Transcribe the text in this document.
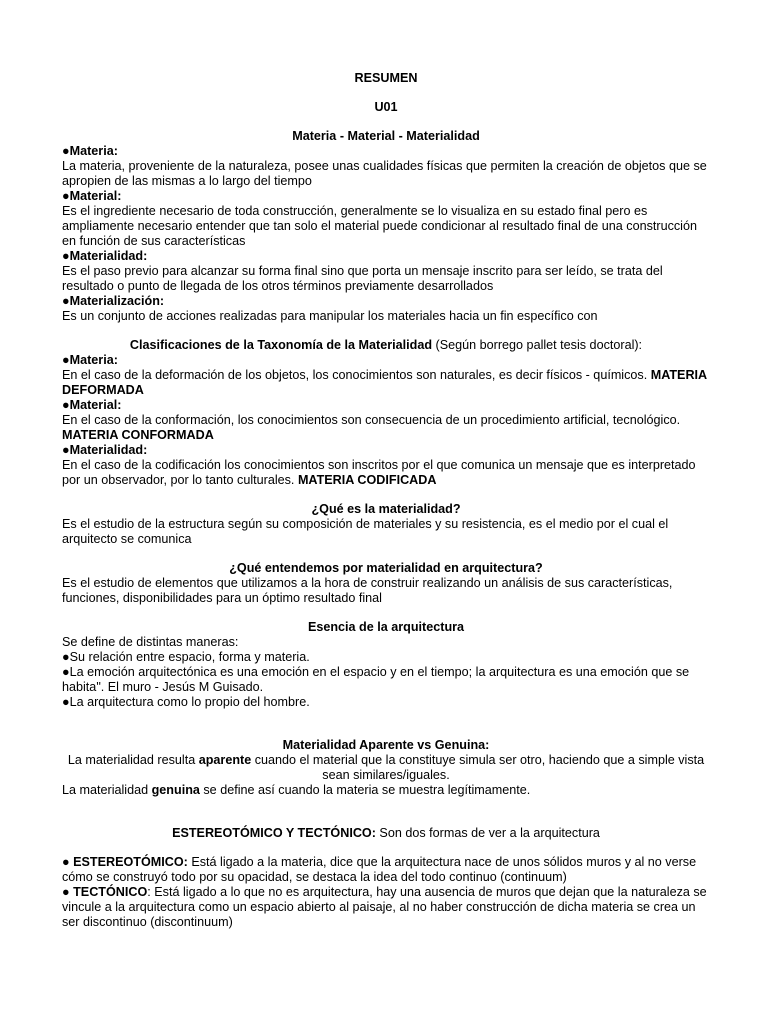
RESUMEN

U01

Materia - Material - Materialidad

●Materia:

La materia, proveniente de la naturaleza, posee unas cualidades físicas que permiten la creación de objetos que se apropien de las mismas a lo largo del tiempo

●Material:

Es el ingrediente necesario de toda construcción, generalmente se lo visualiza en su estado final pero es ampliamente necesario entender que tan solo el material puede condicionar al resultado final de una construcción en función de sus características

●Materialidad:

Es el paso previo para alcanzar su forma final sino que porta un mensaje inscrito para ser leído, se trata del resultado o punto de llegada de los otros términos previamente desarrollados

●Materialización:

Es un conjunto de acciones realizadas para manipular los materiales hacia un fin específico con

Clasificaciones de la Taxonomía de la Materialidad (Según borrego pallet tesis doctoral):

●Materia:

En el caso de la deformación de los objetos, los conocimientos son naturales, es decir físicos - químicos. MATERIA DEFORMADA

●Material:

En el caso de la conformación, los conocimientos son consecuencia de un procedimiento artificial, tecnológico. MATERIA CONFORMADA

●Materialidad:

En el caso de la codificación los conocimientos son inscritos por el que comunica un mensaje que es interpretado por un observador, por lo tanto culturales. MATERIA CODIFICADA

¿Qué es la materialidad?

Es el estudio de la estructura según su composición de materiales y su resistencia, es el medio por el cual el arquitecto se comunica

¿Qué entendemos por materialidad en arquitectura?

Es el estudio de elementos que utilizamos a la hora de construir realizando un análisis de sus características, funciones, disponibilidades para un óptimo resultado final

Esencia de la arquitectura

Se define de distintas maneras:

●Su relación entre espacio, forma y materia.

●La emoción arquitectónica es una emoción en el espacio y en el tiempo; la arquitectura es una emoción que se habita". El muro - Jesús M Guisado.

●La arquitectura como lo propio del hombre.

Materialidad Aparente vs Genuina:

La materialidad resulta aparente cuando el material que la constituye simula ser otro, haciendo que a simple vista sean similares/iguales.

La materialidad genuina se define así cuando la materia se muestra legítimamente.

ESTEREOTÓMICO Y TECTÓNICO: Son dos formas de ver a la arquitectura

● ESTEREOTÓMICO: Está ligado a la materia, dice que la arquitectura nace de unos sólidos muros y al no verse cómo se construyó todo por su opacidad, se destaca la idea del todo continuo (continuum)

● TECTÓNICO: Está ligado a lo que no es arquitectura, hay una ausencia de muros que dejan que la naturaleza se vincule a la arquitectura como un espacio abierto al paisaje, al no haber construcción de dicha materia se crea un ser discontinuo (discontinuum)
